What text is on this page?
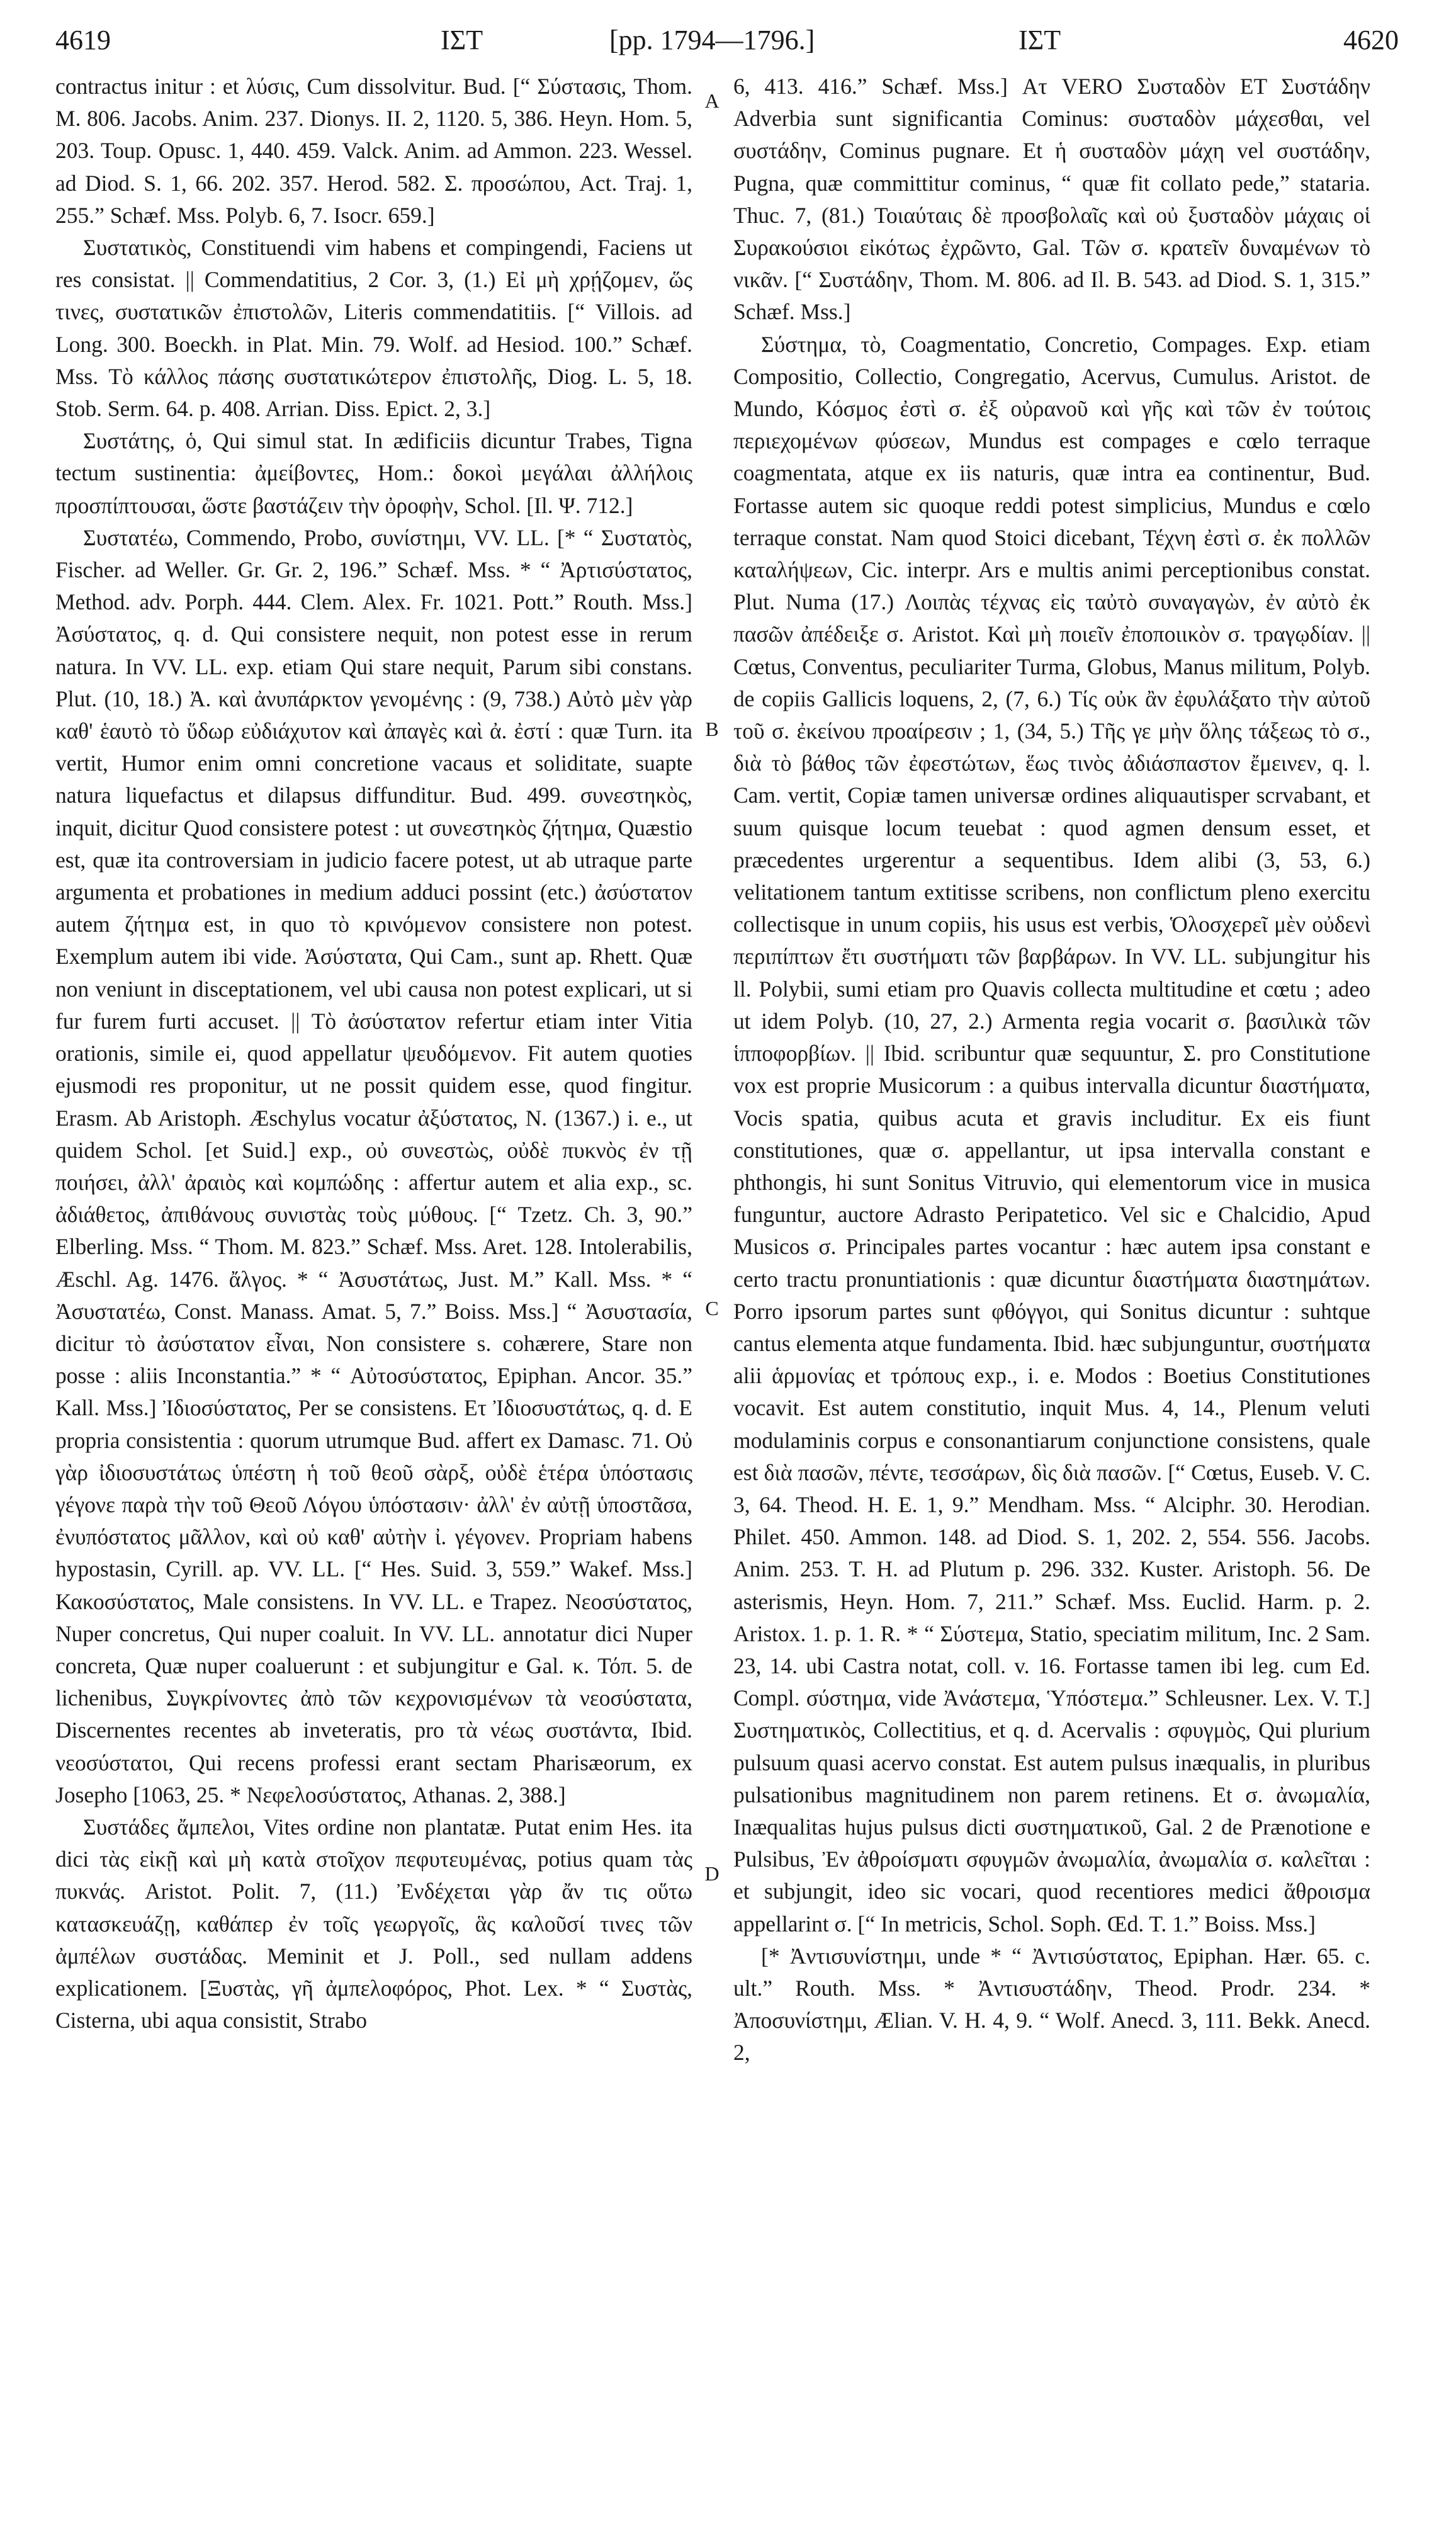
4619	ΙΣΤ	[pp. 1794—1796.]	ΙΣΤ	4620

contractus initur : et λύσις, Cum dissolvitur. Bud. [“ Σύστασις, Thom. M. 806. Jacobs. Anim. 237. Dionys. II. 2, 1120. 5, 386. Heyn. Hom. 5, 203. Toup. Opusc. 1, 440. 459. Valck. Anim. ad Ammon. 223. Wessel. ad Diod. S. 1, 66. 202. 357. Herod. 582. Σ. προσώπου, Act. Traj. 1, 255.” Schæf. Mss. Polyb. 6, 7. Isocr. 659.]

Συστατικὸς, Constituendi vim habens et compingendi, Faciens ut res consistat. || Commendatitius, 2 Cor. 3, (1.) Εἰ μὴ χρῄζομεν, ὥς τινες, συστατικῶν ἐπιστολῶν, Literis commendatitiis. [“ Villois. ad Long. 300. Boeckh. in Plat. Min. 79. Wolf. ad Hesiod. 100.” Schæf. Mss. Τὸ κάλλος πάσης συστατικώτερον ἐπιστολῆς, Diog. L. 5, 18. Stob. Serm. 64. p. 408. Arrian. Diss. Epict. 2, 3.]

Συστάτης, ὁ, Qui simul stat. In ædificiis dicuntur Trabes, Tigna tectum sustinentia: ἀμείβοντες, Hom.: δοκοὶ μεγάλαι ἀλλήλοις προσπίπτουσαι, ὥστε βαστάζειν τὴν ὀροφὴν, Schol. [Il. Ψ. 712.]

Συστατέω, Commendo, Probo, συνίστημι, VV. LL. [* “ Συστατὸς, Fischer. ad Weller. Gr. Gr. 2, 196.” Schæf. Mss. * “ Ἀρτισύστατος, Method. adv. Porph. 444. Clem. Alex. Fr. 1021. Pott.” Routh. Mss.] Ἀσύστατος, q. d. Qui consistere nequit, non potest esse in rerum natura. In VV. LL. exp. etiam Qui stare nequit, Parum sibi constans. Plut. (10, 18.) Ἀ. καὶ ἀνυπάρκτον γενομένης : (9, 738.) Αὐτὸ μὲν γὰρ καθ' ἑαυτὸ τὸ ὕδωρ εὐδιάχυτον καὶ ἀπαγὲς καὶ ἀ. ἐστί : quæ Turn. ita vertit, Humor enim omni concretione vacaus et soliditate, suapte natura liquefactus et dilapsus diffunditur. Bud. 499. συνεστηκὸς, inquit, dicitur Quod consistere potest : ut συνεστηκὸς ζήτημα, Quæstio est, quæ ita controversiam in judicio facere potest, ut ab utraque parte argumenta et probationes in medium adduci possint (etc.) ἀσύστατον autem ζήτημα est, in quo τὸ κρινόμενον consistere non potest. Exemplum autem ibi vide. Ἀσύστατα, Qui Cam., sunt ap. Rhett. Quæ non veniunt in disceptationem, vel ubi causa non potest explicari, ut si fur furem furti accuset. || Τὸ ἀσύστατον refertur etiam inter Vitia orationis, simile ei, quod appellatur ψευδόμενον. Fit autem quoties ejusmodi res proponitur, ut ne possit quidem esse, quod fingitur. Erasm. Ab Aristoph. Æschylus vocatur ἀξύστατος, N. (1367.) i. e., ut quidem Schol. [et Suid.] exp., οὐ συνεστὼς, οὐδὲ πυκνὸς ἐν τῇ ποιήσει, ἀλλ' ἀραιὸς καὶ κομπώδης : affertur autem et alia exp., sc. ἀδιάθετος, ἀπιθάνους συνιστὰς τοὺς μύθους. [“ Tzetz. Ch. 3, 90.” Elberling. Mss. “ Thom. M. 823.” Schæf. Mss. Aret. 128. Intolerabilis, Æschl. Ag. 1476. ἄλγος. * “ Ἀσυστάτως, Just. M.” Kall. Mss. * “ Ἀσυστατέω, Const. Manass. Amat. 5, 7.” Boiss. Mss.] “ Ἀσυστασία, dicitur τὸ ἀσύστατον εἶναι, Non consistere s. cohærere, Stare non posse : aliis Inconstantia.” * “ Αὐτοσύστατος, Epiphan. Ancor. 35.” Kall. Mss.] Ἰδιοσύστατος, Per se consistens. Ετ Ἰδιοσυστάτως, q. d. E propria consistentia : quorum utrumque Bud. affert ex Damasc. 71. Οὐ γὰρ ἰδιοσυστάτως ὑπέστη ἡ τοῦ θεοῦ σὰρξ, οὐδὲ ἑτέρα ὑπόστασις γέγονε παρὰ τὴν τοῦ Θεοῦ Λόγου ὑπόστασιν· ἀλλ' ἐν αὐτῇ ὑποστᾶσα, ἐνυπόστατος μᾶλλον, καὶ οὐ καθ' αὐτὴν ἰ. γέγονεν. Propriam habens hypostasin, Cyrill. ap. VV. LL. [“ Hes. Suid. 3, 559.” Wakef. Mss.] Κακοσύστατος, Male consistens. In VV. LL. e Trapez. Νεοσύστατος, Nuper concretus, Qui nuper coaluit. In VV. LL. annotatur dici Nuper concreta, Quæ nuper coaluerunt : et subjungitur e Gal. κ. Τόπ. 5. de lichenibus, Συγκρίνοντες ἀπὸ τῶν κεχρονισμένων τὰ νεοσύστατα, Discernentes recentes ab inveteratis, pro τὰ νέως συστάντα, Ibid. νεοσύστατοι, Qui recens professi erant sectam Pharisæorum, ex Josepho [1063, 25. * Νεφελοσύστατος, Athanas. 2, 388.]

Συστάδες ἄμπελοι, Vites ordine non plantatæ. Putat enim Hes. ita dici τὰς εἰκῇ καὶ μὴ κατὰ στοῖχον πεφυτευμένας, potius quam τὰς πυκνάς. Aristot. Polit. 7, (11.) Ἐνδέχεται γὰρ ἄν τις οὕτω κατασκευάζῃ, καθάπερ ἐν τοῖς γεωργοῖς, ἃς καλοῦσί τινες τῶν ἀμπέλων συστάδας. Meminit et J. Poll., sed nullam addens explicationem. [Ξυστὰς, γῆ ἀμπελοφόρος, Phot. Lex. * “ Συστὰς, Cisterna, ubi aqua consistit, Strabo

A
B
C
D

6, 413. 416.” Schæf. Mss.] Ατ VERO Συσταδὸν ET Συστάδην Adverbia sunt significantia Cominus: συσταδὸν μάχεσθαι, vel συστάδην, Cominus pugnare. Et ἡ συσταδὸν μάχη vel συστάδην, Pugna, quæ committitur cominus, “ quæ fit collato pede,” stataria. Thuc. 7, (81.) Τοιαύταις δὲ προσβολαῖς καὶ οὐ ξυσταδὸν μάχαις οἱ Συρακούσιοι εἰκότως ἐχρῶντο, Gal. Τῶν σ. κρατεῖν δυναμένων τὸ νικᾶν. [“ Συστάδην, Thom. M. 806. ad Il. B. 543. ad Diod. S. 1, 315.” Schæf. Mss.]

Σύστημα, τὸ, Coagmentatio, Concretio, Compages. Exp. etiam Compositio, Collectio, Congregatio, Acervus, Cumulus. Aristot. de Mundo, Κόσμος ἐστὶ σ. ἐξ οὐρανοῦ καὶ γῆς καὶ τῶν ἐν τούτοις περιεχομένων φύσεων, Mundus est compages e cœlo terraque coagmentata, atque ex iis naturis, quæ intra ea continentur, Bud. Fortasse autem sic quoque reddi potest simplicius, Mundus e cœlo terraque constat. Nam quod Stoici dicebant, Τέχνη ἐστὶ σ. ἐκ πολλῶν καταλήψεων, Cic. interpr. Ars e multis animi perceptionibus constat. Plut. Numa (17.) Λοιπὰς τέχνας εἰς ταὐτὸ συναγαγὼν, ἐν αὐτὸ ἐκ πασῶν ἀπέδειξε σ. Aristot. Καὶ μὴ ποιεῖν ἐποποιικὸν σ. τραγῳδίαν. || Cœtus, Conventus, peculiariter Turma, Globus, Manus militum, Polyb. de copiis Gallicis loquens, 2, (7, 6.) Τίς οὐκ ἂν ἐφυλάξατο τὴν αὐτοῦ τοῦ σ. ἐκείνου προαίρεσιν ; 1, (34, 5.) Τῆς γε μὴν ὅλης τάξεως τὸ σ., διὰ τὸ βάθος τῶν ἐφεστώτων, ἕως τινὸς ἀδιάσπαστον ἔμεινεν, q. l. Cam. vertit, Copiæ tamen universæ ordines aliquautisper scrvabant, et suum quisque locum teuebat : quod agmen densum esset, et præcedentes urgerentur a sequentibus. Idem alibi (3, 53, 6.) velitationem tantum extitisse scribens, non conflictum pleno exercitu collectisque in unum copiis, his usus est verbis, Ὁλοσχερεῖ μὲν οὐδενὶ περιπίπτων ἔτι συστήματι τῶν βαρβάρων. In VV. LL. subjungitur his ll. Polybii, sumi etiam pro Quavis collecta multitudine et cœtu ; adeo ut idem Polyb. (10, 27, 2.) Armenta regia vocarit σ. βασιλικὰ τῶν ἱπποφορβίων. || Ibid. scribuntur quæ sequuntur, Σ. pro Constitutione vox est proprie Musicorum : a quibus intervalla dicuntur διαστήματα, Vocis spatia, quibus acuta et gravis includitur. Ex eis fiunt constitutiones, quæ σ. appellantur, ut ipsa intervalla constant e phthongis, hi sunt Sonitus Vitruvio, qui elementorum vice in musica funguntur, auctore Adrasto Peripatetico. Vel sic e Chalcidio, Apud Musicos σ. Principales partes vocantur : hæc autem ipsa constant e certo tractu pronuntiationis : quæ dicuntur διαστήματα διαστημάτων. Porro ipsorum partes sunt φθόγγοι, qui Sonitus dicuntur : suhtque cantus elementa atque fundamenta. Ibid. hæc subjunguntur, συστήματα alii ἁρμονίας et τρόπους exp., i. e. Modos : Boetius Constitutiones vocavit. Est autem constitutio, inquit Mus. 4, 14., Plenum veluti modulaminis corpus e consonantiarum conjunctione consistens, quale est διὰ πασῶν, πέντε, τεσσάρων, δὶς διὰ πασῶν. [“ Cœtus, Euseb. V. C. 3, 64. Theod. H. E. 1, 9.” Mendham. Mss. “ Alciphr. 30. Herodian. Philet. 450. Ammon. 148. ad Diod. S. 1, 202. 2, 554. 556. Jacobs. Anim. 253. T. H. ad Plutum p. 296. 332. Kuster. Aristoph. 56. De asterismis, Heyn. Hom. 7, 211.” Schæf. Mss. Euclid. Harm. p. 2. Aristox. 1. p. 1. R. * “ Σύστεμα, Statio, speciatim militum, Inc. 2 Sam. 23, 14. ubi Castra notat, coll. v. 16. Fortasse tamen ibi leg. cum Ed. Compl. σύστημα, vide Ἀνάστεμα, Ὑπόστεμα.” Schleusner. Lex. V. T.] Συστηματικὸς, Collectitius, et q. d. Acervalis : σφυγμὸς, Qui plurium pulsuum quasi acervo constat. Est autem pulsus inæqualis, in pluribus pulsationibus magnitudinem non parem retinens. Et σ. ἀνωμαλία, Inæqualitas hujus pulsus dicti συστηματικοῦ, Gal. 2 de Prænotione e Pulsibus, Ἐν ἀθροίσματι σφυγμῶν ἀνωμαλία, ἀνωμαλία σ. καλεῖται : et subjungit, ideo sic vocari, quod recentiores medici ἄθροισμα appellarint σ. [“ In metricis, Schol. Soph. Œd. T. 1.” Boiss. Mss.]

[* Ἀντισυνίστημι, unde * “ Ἀντισύστατος, Epiphan. Hær. 65. c. ult.” Routh. Mss. * Ἀντισυστάδην, Theod. Prodr. 234. * Ἀποσυνίστημι, Ælian. V. H. 4, 9. “ Wolf. Anecd. 3, 111. Bekk. Anecd. 2,
